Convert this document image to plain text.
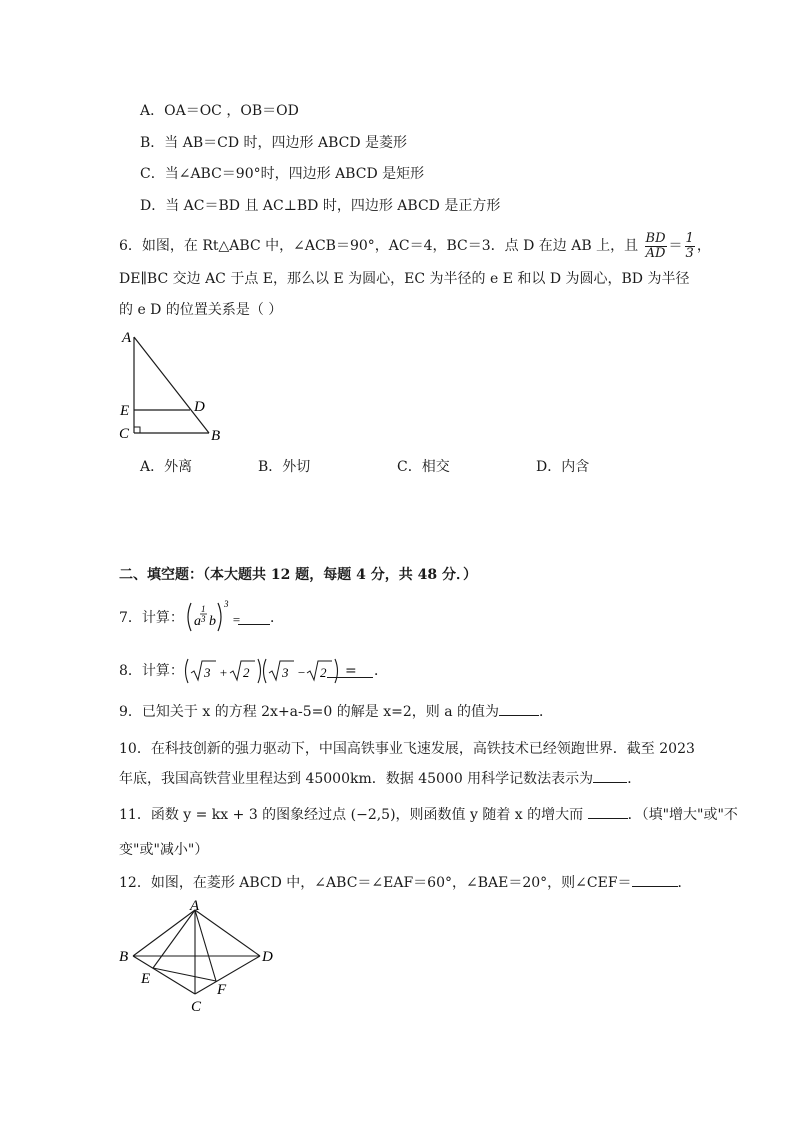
A．OA＝OC ，OB＝OD
B．当 AB＝CD 时，四边形 ABCD 是菱形
C．当∠ABC＝90°时，四边形 ABCD 是矩形
D．当 AC＝BD 且 AC⊥BD 时，四边形 ABCD 是正方形
6．如图，在 Rt△ABC 中，∠ACB＝90°，AC＝4，BC＝3．点 D 在边 AB 上，且 $\frac{BD}{AD} = \frac{1}{3}$ ，
DE∥BC 交边 AC 于点 E，那么以 E 为圆心，EC 为半径的 e E 和以 D 为圆心，BD 为半径
的 e D 的位置关系是（ ）
A
E	D
C	B
A．外离	B．外切	C．相交	D．内含
二、填空题：（本大题共 12 题，每题 4 分，共 48 分．）
7．计算： a
1
3 b
3
= ．
8．计算： 3 + 2	3 − 2 = ．
9．已知关于 x 的方程 2x+a-5=0 的解是 x=2，则 a 的值为	．
10．在科技创新的强力驱动下，中国高铁事业飞速发展，高铁技术已经领跑世界．截至 2023
年底，我国高铁营业里程达到 45000km．数据 45000 用科学记数法表示为 ．
11．函数 y = kx + 3 的图象经过点 (−2,5)，则函数值 y 随着 x 的增大而	．（填"增大"或"不
变"或"减小"）
12．如图，在菱形 ABCD 中，∠ABC＝∠EAF＝60°，∠BAE＝20°，则∠CEF＝	．
A
B	D
E
F
C
